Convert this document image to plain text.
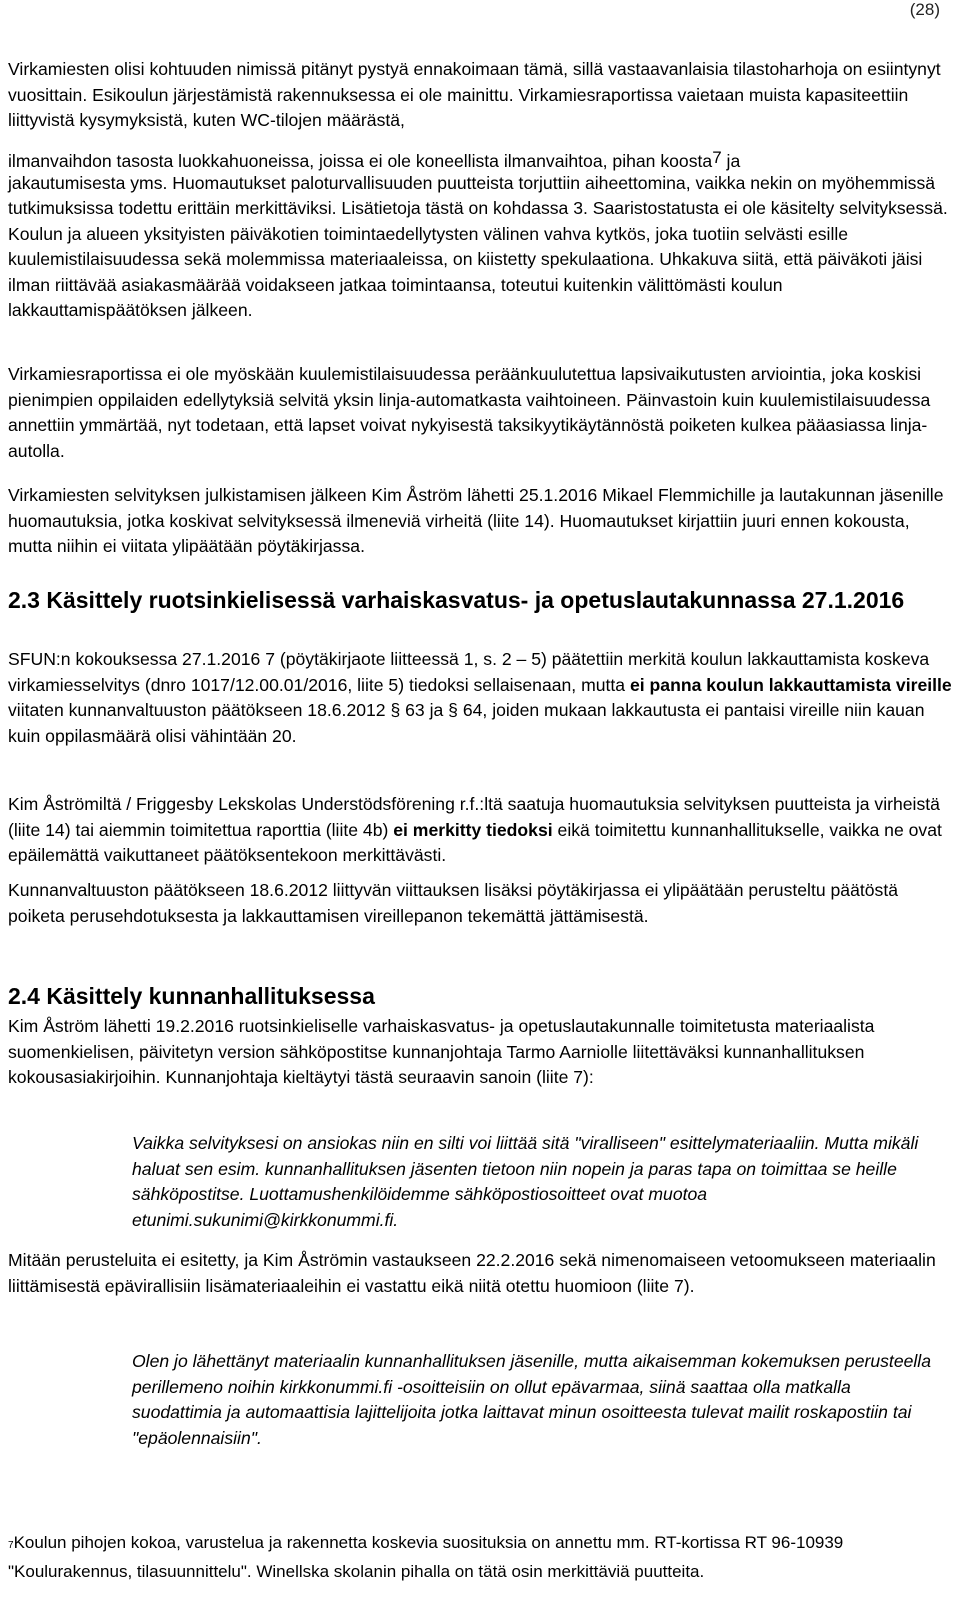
(28)

Virkamiesten olisi kohtuuden nimissä pitänyt pystyä ennakoimaan tämä, sillä vastaavanlaisia tilastoharhoja on esiintynyt vuosittain. Esikoulun järjestämistä rakennuksessa ei ole mainittu. Virkamiesraportissa vaietaan muista kapasiteettiin liittyvistä kysymyksistä, kuten WC-tilojen määrästä,

ilmanvaihdon tasosta luokkahuoneissa, joissa ei ole koneellista ilmanvaihtoa, pihan koosta$^7$ ja

jakautumisesta yms. Huomautukset paloturvallisuuden puutteista torjuttiin aiheettomina, vaikka nekin on myöhemmissä tutkimuksissa todettu erittäin merkittäviksi. Lisätietoja tästä on kohdassa 3. Saaristostatusta ei ole käsitelty selvityksessä. Koulun ja alueen yksityisten päiväkotien toimintaedellytysten välinen vahva kytkös, joka tuotiin selvästi esille kuulemistilaisuudessa sekä molemmissa materiaaleissa, on kiistetty spekulaationa. Uhkakuva siitä, että päiväkoti jäisi ilman riittävää asiakasmäärää voidakseen jatkaa toimintaansa, toteutui kuitenkin välittömästi koulun lakkauttamispäätöksen jälkeen.

Virkamiesraportissa ei ole myöskään kuulemistilaisuudessa peräänkuulutettua lapsivaikutusten arviointia, joka koskisi pienimpien oppilaiden edellytyksiä selvitä yksin linja-automatkasta vaihtoineen. Päinvastoin kuin kuulemistilaisuudessa annettiin ymmärtää, nyt todetaan, että lapset voivat nykyisestä taksikyytikäytännöstä poiketen kulkea pääasiassa linja-autolla.

Virkamiesten selvityksen julkistamisen jälkeen Kim Åström lähetti 25.1.2016 Mikael Flemmichille ja lautakunnan jäsenille huomautuksia, jotka koskivat selvityksessä ilmeneviä virheitä (liite 14). Huomautukset kirjattiin juuri ennen kokousta, mutta niihin ei viitata ylipäätään pöytäkirjassa.

2.3 Käsittely ruotsinkielisessä varhaiskasvatus- ja opetuslautakunnassa 27.1.2016

SFUN:n kokouksessa 27.1.2016 7 (pöytäkirjaote liitteessä 1, s. 2 – 5) päätettiin merkitä koulun lakkauttamista koskeva virkamiesselvitys (dnro 1017/12.00.01/2016, liite 5) tiedoksi sellaisenaan, mutta ei panna koulun lakkauttamista vireille viitaten kunnanvaltuuston päätökseen 18.6.2012 § 63 ja § 64, joiden mukaan lakkautusta ei pantaisi vireille niin kauan kuin oppilasmäärä olisi vähintään 20.

Kim Åströmiltä / Friggesby Lekskolas Understödsförening r.f.:ltä saatuja huomautuksia selvityksen puutteista ja virheistä (liite 14) tai aiemmin toimitettua raporttia (liite 4b) ei merkitty tiedoksi eikä toimitettu kunnanhallitukselle, vaikka ne ovat epäilemättä vaikuttaneet päätöksentekoon merkittävästi.

Kunnanvaltuuston päätökseen 18.6.2012 liittyvän viittauksen lisäksi pöytäkirjassa ei ylipäätään perusteltu päätöstä poiketa perusehdotuksesta ja lakkauttamisen vireillepanon tekemättä jättämisestä.

2.4 Käsittely kunnanhallituksessa

Kim Åström lähetti 19.2.2016 ruotsinkieliselle varhaiskasvatus- ja opetuslautakunnalle toimitetusta materiaalista suomenkielisen, päivitetyn version sähköpostitse kunnanjohtaja Tarmo Aarniolle liitettäväksi kunnanhallituksen kokousasiakirjoihin. Kunnanjohtaja kieltäytyi tästä seuraavin sanoin (liite 7):

Vaikka selvityksesi on ansiokas niin en silti voi liittää sitä "viralliseen" esittelymateriaaliin. Mutta mikäli haluat sen esim. kunnanhallituksen jäsenten tietoon niin nopein ja paras tapa on toimittaa se heille sähköpostitse. Luottamushenkilöidemme sähköpostiosoitteet ovat muotoa etunimi.sukunimi@kirkkonummi.fi.

Mitään perusteluita ei esitetty, ja Kim Åströmin vastaukseen 22.2.2016 sekä nimenomaiseen vetoomukseen materiaalin liittämisestä epävirallisiin lisämateriaaleihin ei vastattu eikä niitä otettu huomioon (liite 7).

Olen jo lähettänyt materiaalin kunnanhallituksen jäsenille, mutta aikaisemman kokemuksen perusteella perillemeno noihin kirkkonummi.fi -osoitteisiin on ollut epävarmaa, siinä saattaa olla matkalla suodattimia ja automaattisia lajittelijoita jotka laittavat minun osoitteesta tulevat mailit roskapostiin tai "epäolennaisiin".

7Koulun pihojen kokoa, varustelua ja rakennetta koskevia suosituksia on annettu mm. RT-kortissa RT 96-10939 "Koulurakennus, tilasuunnittelu". Winellska skolanin pihalla on tätä osin merkittäviä puutteita.
